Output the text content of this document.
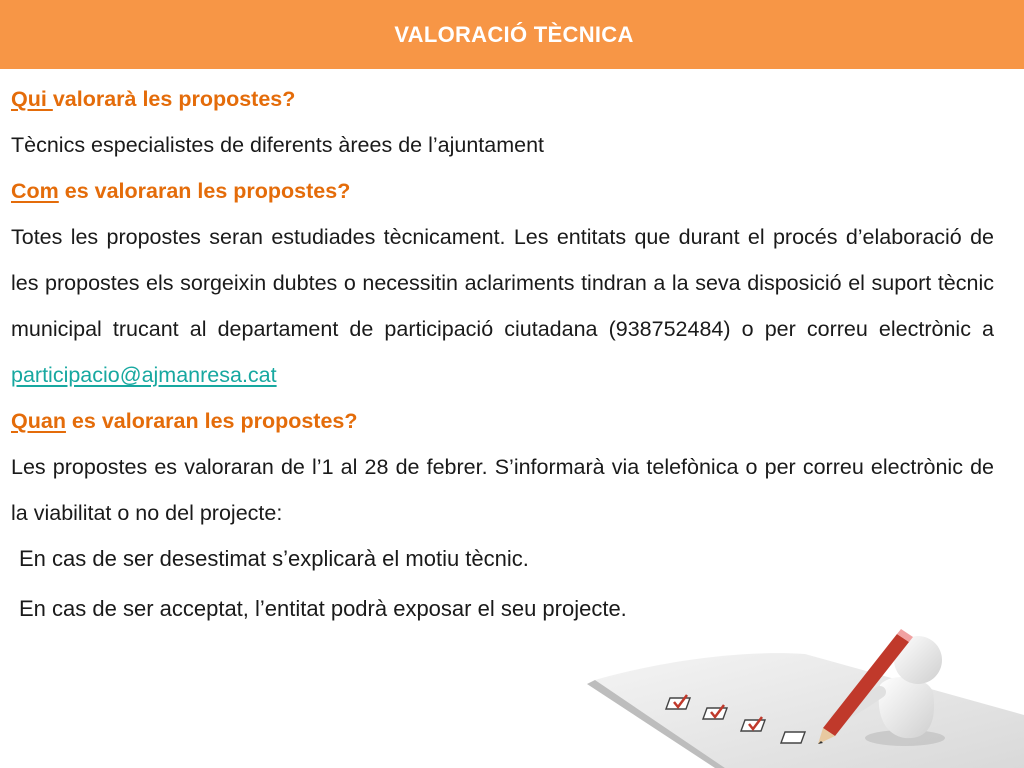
VALORACIÓ TÈCNICA

Qui valorarà les propostes?

Tècnics especialistes de diferents àrees de l’ajuntament

Com es valoraran les propostes?

Totes les propostes seran estudiades tècnicament. Les entitats que durant el procés d’elaboració de les propostes els sorgeixin dubtes o necessitin aclariments tindran a la seva disposició el suport tècnic municipal trucant al departament de participació ciutadana (938752484) o per correu electrònic a participacio@ajmanresa.cat

Quan es valoraran les propostes?

Les propostes es valoraran de l’1 al 28 de febrer. S’informarà via telefònica o per correu electrònic de la viabilitat o no del projecte:

En cas de ser desestimat s’explicarà el motiu tècnic.

En cas de ser acceptat, l’entitat podrà exposar el seu projecte.
